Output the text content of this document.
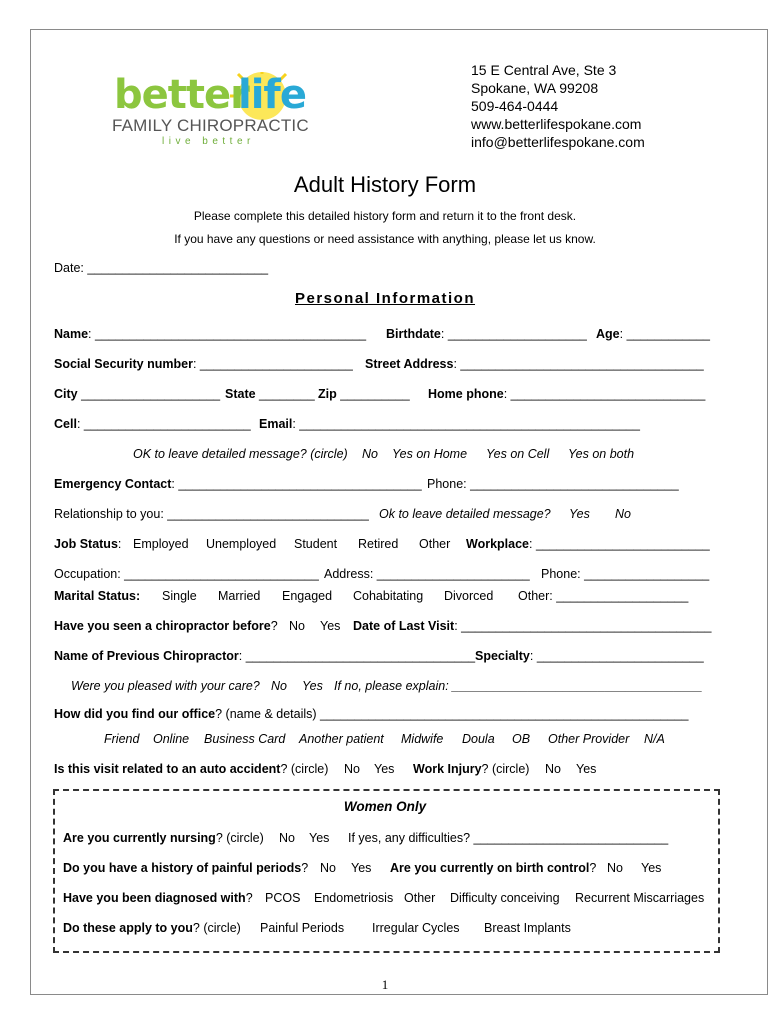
better
life
FAMILY CHIROPRACTIC
live better
15 E Central Ave, Ste 3
Spokane, WA 99208
509-464-0444
www.betterlifespokane.com
info@betterlifespokane.com
Adult History Form
Please complete this detailed history form and return it to the front desk.
If you have any questions or need assistance with anything, please let us know.
Date: __________________________
Personal Information
Name: _______________________________________ Birthdate: ____________________ Age: ____________
Social Security number: ______________________ Street Address: ___________________________________
City ____________________ State ________ Zip __________ Home phone: ____________________________
Cell: ________________________ Email: _________________________________________________
OK to leave detailed message? (circle) No Yes on Home Yes on Cell Yes on both
Emergency Contact: ___________________________________ Phone: ______________________________
Relationship to you: _____________________________ Ok to leave detailed message? Yes No
Job Status: Employed Unemployed Student Retired Other Workplace: _________________________
Occupation: ____________________________ Address: ______________________ Phone: __________________
Marital Status: Single Married Engaged Cohabitating Divorced Other: ___________________
Have you seen a chiropractor before? No Yes Date of Last Visit: ____________________________________
Name of Previous Chiropractor: _________________________________ Specialty: ________________________
Were you pleased with your care? No Yes If no, please explain: ____________________________________
How did you find our office? (name & details) _____________________________________________________
Friend Online Business Card Another patient Midwife Doula OB Other Provider N/A
Is this visit related to an auto accident? (circle) No Yes Work Injury? (circle) No Yes
Women Only
Are you currently nursing? (circle) No Yes If yes, any difficulties? ____________________________
Do you have a history of painful periods? No Yes Are you currently on birth control? No Yes
Have you been diagnosed with? PCOS Endometriosis Other Difficulty conceiving Recurrent Miscarriages
Do these apply to you? (circle) Painful Periods Irregular Cycles Breast Implants
1
